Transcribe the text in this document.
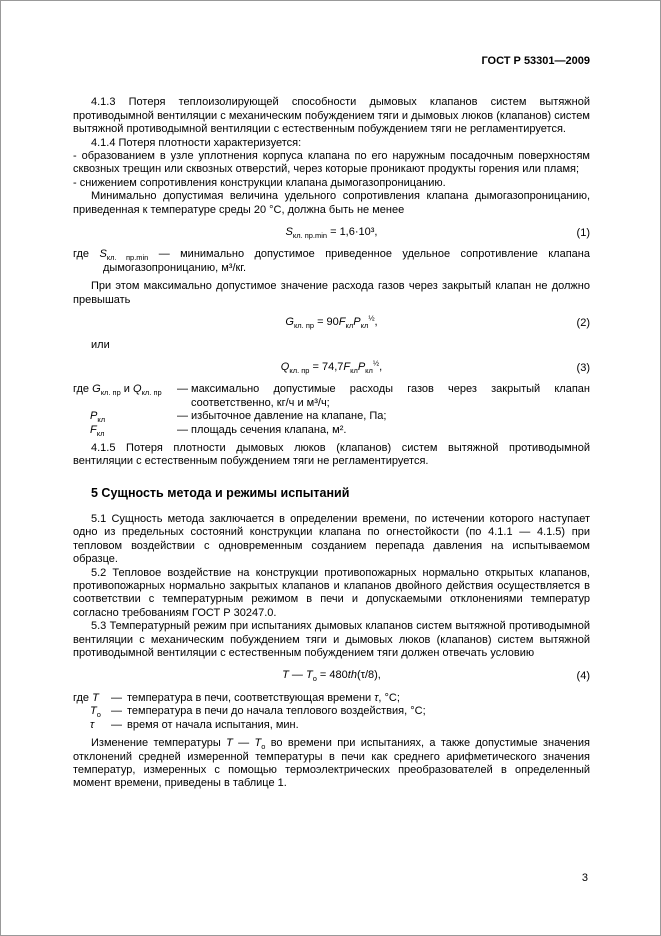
ГОСТ Р 53301—2009

4.1.3 Потеря теплоизолирующей способности дымовых клапанов систем вытяжной противодымной вентиляции с механическим побуждением тяги и дымовых люков (клапанов) систем вытяжной противодымной вентиляции с естественным побуждением тяги не регламентируется.

4.1.4 Потеря плотности характеризуется:

- образованием в узле уплотнения корпуса клапана по его наружным посадочным поверхностям сквозных трещин или сквозных отверстий, через которые проникают продукты горения или пламя;

- снижением сопротивления конструкции клапана дымогазопроницанию.

Минимально допустимая величина удельного сопротивления клапана дымогазопроницанию, приведенная к температуре среды 20 °С, должна быть не менее

$S_{кл. пр.min} = 1,6\cdot 10^3$,	(1)

где $S_{кл. пр.min}$ — минимально допустимое приведенное удельное сопротивление клапана дымогазопроницанию, м³/кг.

При этом максимально допустимое значение расхода газов через закрытый клапан не должно превышать

$G_{кл. пр} = 90F_{кл}P_{кл}^{\frac{1}{2}}$,	(2)

или

$Q_{кл. пр} = 74,7F_{кл}P_{кл}^{\frac{1}{2}}$,	(3)
где $G_{кл. пр}$ и $Q_{кл. пр}$	— максимально допустимые расходы газов через закрытый клапан соответственно, кг/ч и м³/ч;
$P_{кл}$	— избыточное давление на клапане, Па;
$F_{кл}$	— площадь сечения клапана, м².

4.1.5 Потеря плотности дымовых люков (клапанов) систем вытяжной противодымной вентиляции с естественным побуждением тяги не регламентируется.

5 Сущность метода и режимы испытаний

5.1 Сущность метода заключается в определении времени, по истечении которого наступает одно из предельных состояний конструкции клапана по огнестойкости (по 4.1.1 — 4.1.5) при тепловом воздействии с одновременным созданием перепада давления на испытываемом образце.

5.2 Тепловое воздействие на конструкции противопожарных нормально открытых клапанов, противопожарных нормально закрытых клапанов и клапанов двойного действия осуществляется в соответствии с температурным режимом в печи и допускаемыми отклонениями температур согласно требованиям ГОСТ Р 30247.0.

5.3 Температурный режим при испытаниях дымовых клапанов систем вытяжной противодымной вентиляции с механическим побуждением тяги и дымовых люков (клапанов) систем вытяжной противодымной вентиляции с естественным побуждением тяги должен отвечать условию

T — $T_о = 480th(\tau/8)$,	(4)
где T	— температура в печи, соответствующая времени τ, °С;
$T_о$ — температура в печи до начала теплового воздействия, °С;
τ	— время от начала испытания, мин.

Изменение температуры T — $T_о$ во времени при испытаниях, а также допустимые значения отклонений средней измеренной температуры в печи как среднего арифметического значения температур, измеренных с помощью термоэлектрических преобразователей в определенный момент времени, приведены в таблице 1.

3
